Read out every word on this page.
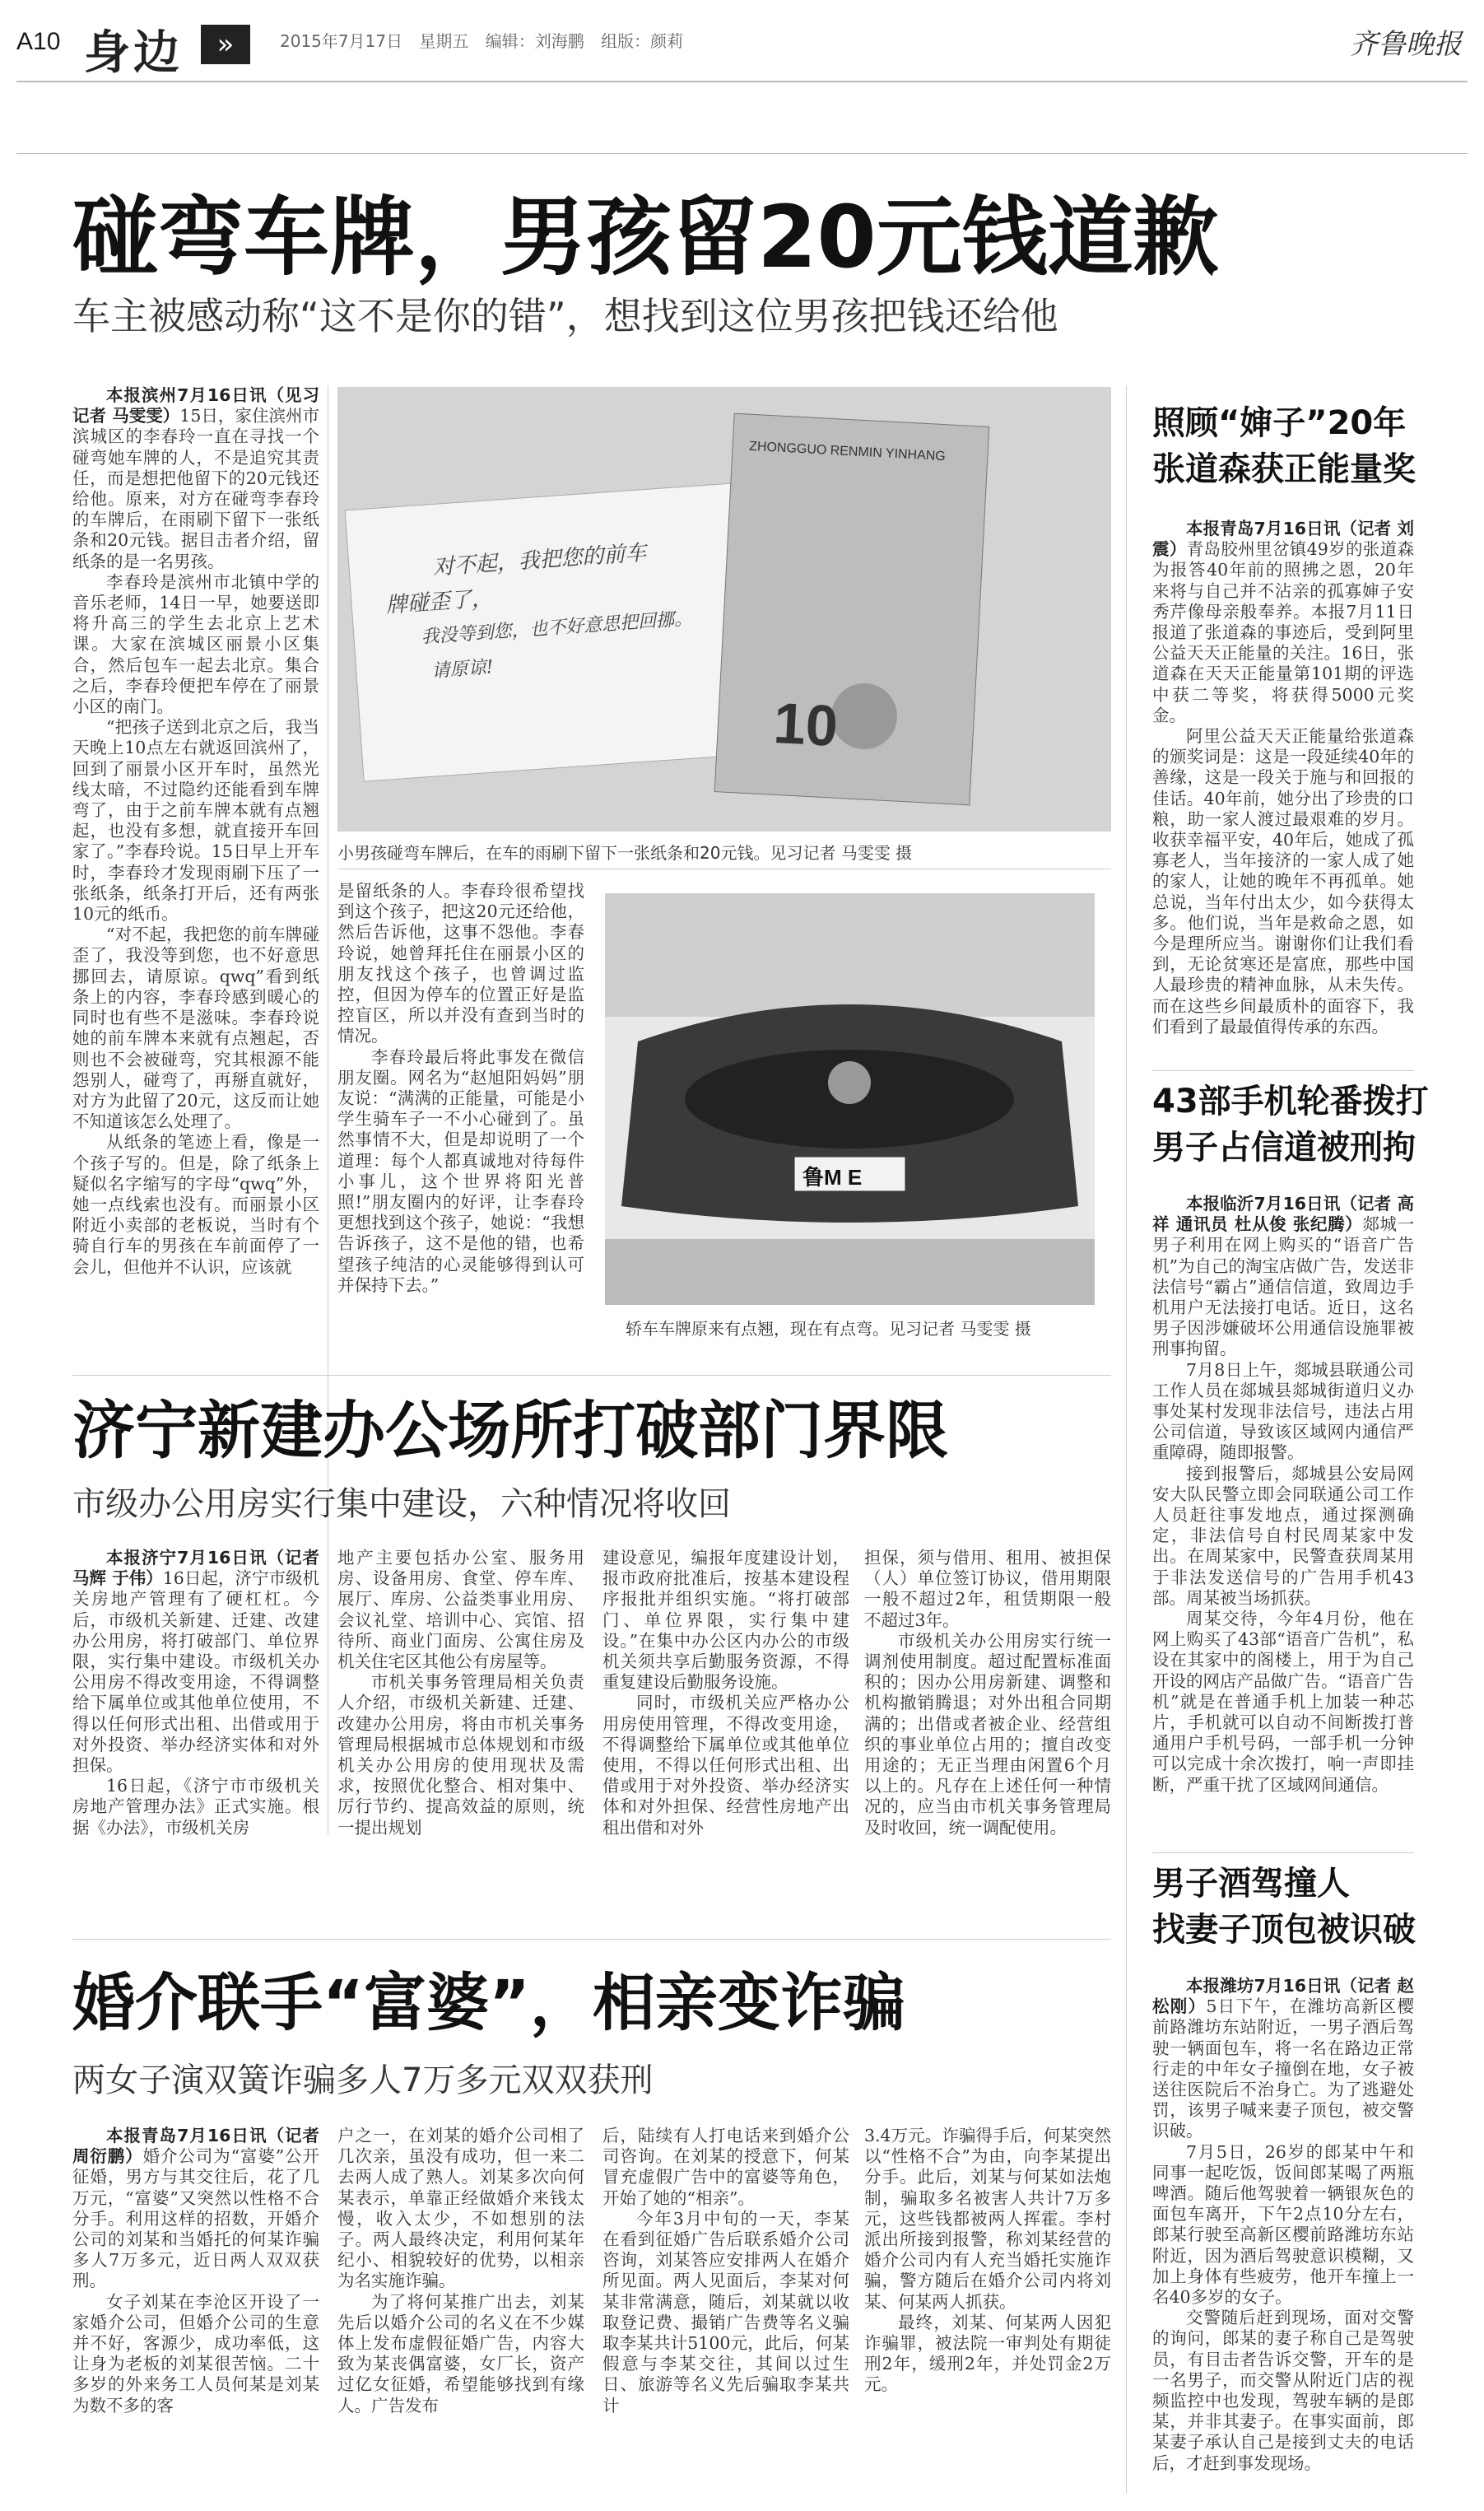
A10 身边	»	2015年7月17日 星期五 编辑：刘海鹏 组版：颜莉	齐鲁晚报
碰弯车牌，男孩留20元钱道歉
车主被感动称“这不是你的错”，想找到这位男孩把钱还给他

本报滨州7月16日讯（见习记者 马雯雯）15日，家住滨州市滨城区的李春玲一直在寻找一个碰弯她车牌的人，不是追究其责任，而是想把他留下的20元钱还给他。原来，对方在碰弯李春玲的车牌后，在雨刷下留下一张纸条和20元钱。据目击者介绍，留纸条的是一名男孩。

李春玲是滨州市北镇中学的音乐老师，14日一早，她要送即将升高三的学生去北京上艺术课。大家在滨城区丽景小区集合，然后包车一起去北京。集合之后，李春玲便把车停在了丽景小区的南门。

“把孩子送到北京之后，我当天晚上10点左右就返回滨州了，回到了丽景小区开车时，虽然光线太暗，不过隐约还能看到车牌弯了，由于之前车牌本就有点翘起，也没有多想，就直接开车回家了。”李春玲说。15日早上开车时，李春玲才发现雨刷下压了一张纸条，纸条打开后，还有两张10元的纸币。

“对不起，我把您的前车牌碰歪了，我没等到您，也不好意思挪回去，请原谅。qwq”看到纸条上的内容，李春玲感到暖心的同时也有些不是滋味。李春玲说她的前车牌本来就有点翘起，否则也不会被碰弯，究其根源不能怨别人，碰弯了，再掰直就好，对方为此留了20元，这反而让她不知道该怎么处理了。

从纸条的笔迹上看，像是一个孩子写的。但是，除了纸条上疑似名字缩写的字母“qwq”外，她一点线索也没有。而丽景小区附近小卖部的老板说，当时有个骑自行车的男孩在车前面停了一会儿，但他并不认识，应该就

对不起，我把您的前车
牌碰歪了，
我没等到您，也不好意思把回挪。
请原谅!
ZHONGGUO RENMIN YINHANG
10
小男孩碰弯车牌后，在车的雨刷下留下一张纸条和20元钱。见习记者 马雯雯 摄

是留纸条的人。李春玲很希望找到这个孩子，把这20元还给他，然后告诉他，这事不怨他。李春玲说，她曾拜托住在丽景小区的朋友找这个孩子，也曾调过监控，但因为停车的位置正好是监控盲区，所以并没有查到当时的情况。

李春玲最后将此事发在微信朋友圈。网名为“赵旭阳妈妈”朋友说：“满满的正能量，可能是小学生骑车子一不小心碰到了。虽然事情不大，但是却说明了一个道理：每个人都真诚地对待每件小事儿，这个世界将阳光普照!”朋友圈内的好评，让李春玲更想找到这个孩子，她说：“我想告诉孩子，这不是他的错，也希望孩子纯洁的心灵能够得到认可并保持下去。”

鲁M E
轿车车牌原来有点翘，现在有点弯。见习记者 马雯雯 摄
济宁新建办公场所打破部门界限
市级办公用房实行集中建设，六种情况将收回

本报济宁7月16日讯（记者 马辉 于伟）16日起，济宁市级机关房地产管理有了硬杠杠。今后，市级机关新建、迁建、改建办公用房，将打破部门、单位界限，实行集中建设。市级机关办公用房不得改变用途，不得调整给下属单位或其他单位使用，不得以任何形式出租、出借或用于对外投资、举办经济实体和对外担保。

16日起，《济宁市市级机关房地产管理办法》正式实施。根据《办法》，市级机关房

地产主要包括办公室、服务用房、设备用房、食堂、停车库、展厅、库房、公益类事业用房、会议礼堂、培训中心、宾馆、招待所、商业门面房、公寓住房及机关住宅区其他公有房屋等。

市机关事务管理局相关负责人介绍，市级机关新建、迁建、改建办公用房，将由市机关事务管理局根据城市总体规划和市级机关办公用房的使用现状及需求，按照优化整合、相对集中、厉行节约、提高效益的原则，统一提出规划

建设意见，编报年度建设计划，报市政府批准后，按基本建设程序报批并组织实施。“将打破部门、单位界限，实行集中建设。”在集中办公区内办公的市级机关须共享后勤服务资源，不得重复建设后勤服务设施。

同时，市级机关应严格办公用房使用管理，不得改变用途，不得调整给下属单位或其他单位使用，不得以任何形式出租、出借或用于对外投资、举办经济实体和对外担保、经营性房地产出租出借和对外

担保，须与借用、租用、被担保（人）单位签订协议，借用期限一般不超过2年，租赁期限一般不超过3年。

市级机关办公用房实行统一调剂使用制度。超过配置标准面积的；因办公用房新建、调整和机构撤销腾退；对外出租合同期满的；出借或者被企业、经营组织的事业单位占用的；擅自改变用途的；无正当理由闲置6个月以上的。凡存在上述任何一种情况的，应当由市机关事务管理局及时收回，统一调配使用。

婚介联手“富婆”，相亲变诈骗
两女子演双簧诈骗多人7万多元双双获刑

本报青岛7月16日讯（记者 周衍鹏）婚介公司为“富婆”公开征婚，男方与其交往后，花了几万元，“富婆”又突然以性格不合分手。利用这样的招数，开婚介公司的刘某和当婚托的何某诈骗多人7万多元，近日两人双双获刑。

女子刘某在李沧区开设了一家婚介公司，但婚介公司的生意并不好，客源少，成功率低，这让身为老板的刘某很苦恼。二十多岁的外来务工人员何某是刘某为数不多的客

户之一，在刘某的婚介公司相了几次亲，虽没有成功，但一来二去两人成了熟人。刘某多次向何某表示，单靠正经做婚介来钱太慢，收入太少，不如想别的法子。两人最终决定，利用何某年纪小、相貌较好的优势，以相亲为名实施诈骗。

为了将何某推广出去，刘某先后以婚介公司的名义在不少媒体上发布虚假征婚广告，内容大致为某丧偶富婆，女厂长，资产过亿女征婚，希望能够找到有缘人。广告发布

后，陆续有人打电话来到婚介公司咨询。在刘某的授意下，何某冒充虚假广告中的富婆等角色，开始了她的“相亲”。

今年3月中旬的一天，李某在看到征婚广告后联系婚介公司咨询，刘某答应安排两人在婚介所见面。两人见面后，李某对何某非常满意，随后，刘某就以收取登记费、撮销广告费等名义骗取李某共计5100元，此后，何某假意与李某交往，其间以过生日、旅游等名义先后骗取李某共计

3.4万元。诈骗得手后，何某突然以“性格不合”为由，向李某提出分手。此后，刘某与何某如法炮制，骗取多名被害人共计7万多元，这些钱都被两人挥霍。李村派出所接到报警，称刘某经营的婚介公司内有人充当婚托实施诈骗，警方随后在婚介公司内将刘某、何某两人抓获。

最终，刘某、何某两人因犯诈骗罪，被法院一审判处有期徒刑2年，缓刑2年，并处罚金2万元。

照顾“婶子”20年
张道森获正能量奖

本报青岛7月16日讯（记者 刘震）青岛胶州里岔镇49岁的张道森为报答40年前的照拂之恩，20年来将与自己并不沾亲的孤寡婶子安秀芹像母亲般奉养。本报7月11日报道了张道森的事迹后，受到阿里公益天天正能量的关注。16日，张道森在天天正能量第101期的评选中获二等奖，将获得5000元奖金。

阿里公益天天正能量给张道森的颁奖词是：这是一段延续40年的善缘，这是一段关于施与和回报的佳话。40年前，她分出了珍贵的口粮，助一家人渡过最艰难的岁月。收获幸福平安，40年后，她成了孤寡老人，当年接济的一家人成了她的家人，让她的晚年不再孤单。她总说，当年付出太少，如今获得太多。他们说，当年是救命之恩，如今是理所应当。谢谢你们让我们看到，无论贫寒还是富庶，那些中国人最珍贵的精神血脉，从未失传。而在这些乡间最质朴的面容下，我们看到了最最值得传承的东西。

43部手机轮番拨打
男子占信道被刑拘

本报临沂7月16日讯（记者 高祥 通讯员 杜从俊 张纪腾）郯城一男子利用在网上购买的“语音广告机”为自己的淘宝店做广告，发送非法信号“霸占”通信信道，致周边手机用户无法接打电话。近日，这名男子因涉嫌破坏公用通信设施罪被刑事拘留。

7月8日上午，郯城县联通公司工作人员在郯城县郯城街道归义办事处某村发现非法信号，违法占用公司信道，导致该区域网内通信严重障碍，随即报警。

接到报警后，郯城县公安局网安大队民警立即会同联通公司工作人员赶往事发地点，通过探测确定，非法信号自村民周某家中发出。在周某家中，民警查获周某用于非法发送信号的广告用手机43部。周某被当场抓获。

周某交待，今年4月份，他在网上购买了43部“语音广告机”，私设在其家中的阁楼上，用于为自己开设的网店产品做广告。“语音广告机”就是在普通手机上加装一种芯片，手机就可以自动不间断拨打普通用户手机号码，一部手机一分钟可以完成十余次拨打，响一声即挂断，严重干扰了区域网间通信。

男子酒驾撞人
找妻子顶包被识破

本报潍坊7月16日讯（记者 赵松刚）5日下午，在潍坊高新区樱前路潍坊东站附近，一男子酒后驾驶一辆面包车，将一名在路边正常行走的中年女子撞倒在地，女子被送往医院后不治身亡。为了逃避处罚，该男子喊来妻子顶包，被交警识破。

7月5日，26岁的郎某中午和同事一起吃饭，饭间郎某喝了两瓶啤酒。随后他驾驶着一辆银灰色的面包车离开，下午2点10分左右，郎某行驶至高新区樱前路潍坊东站附近，因为酒后驾驶意识模糊，又加上身体有些疲劳，他开车撞上一名40多岁的女子。

交警随后赶到现场，面对交警的询问，郎某的妻子称自己是驾驶员，有目击者告诉交警，开车的是一名男子，而交警从附近门店的视频监控中也发现，驾驶车辆的是郎某，并非其妻子。在事实面前，郎某妻子承认自己是接到丈夫的电话后，才赶到事发现场。
